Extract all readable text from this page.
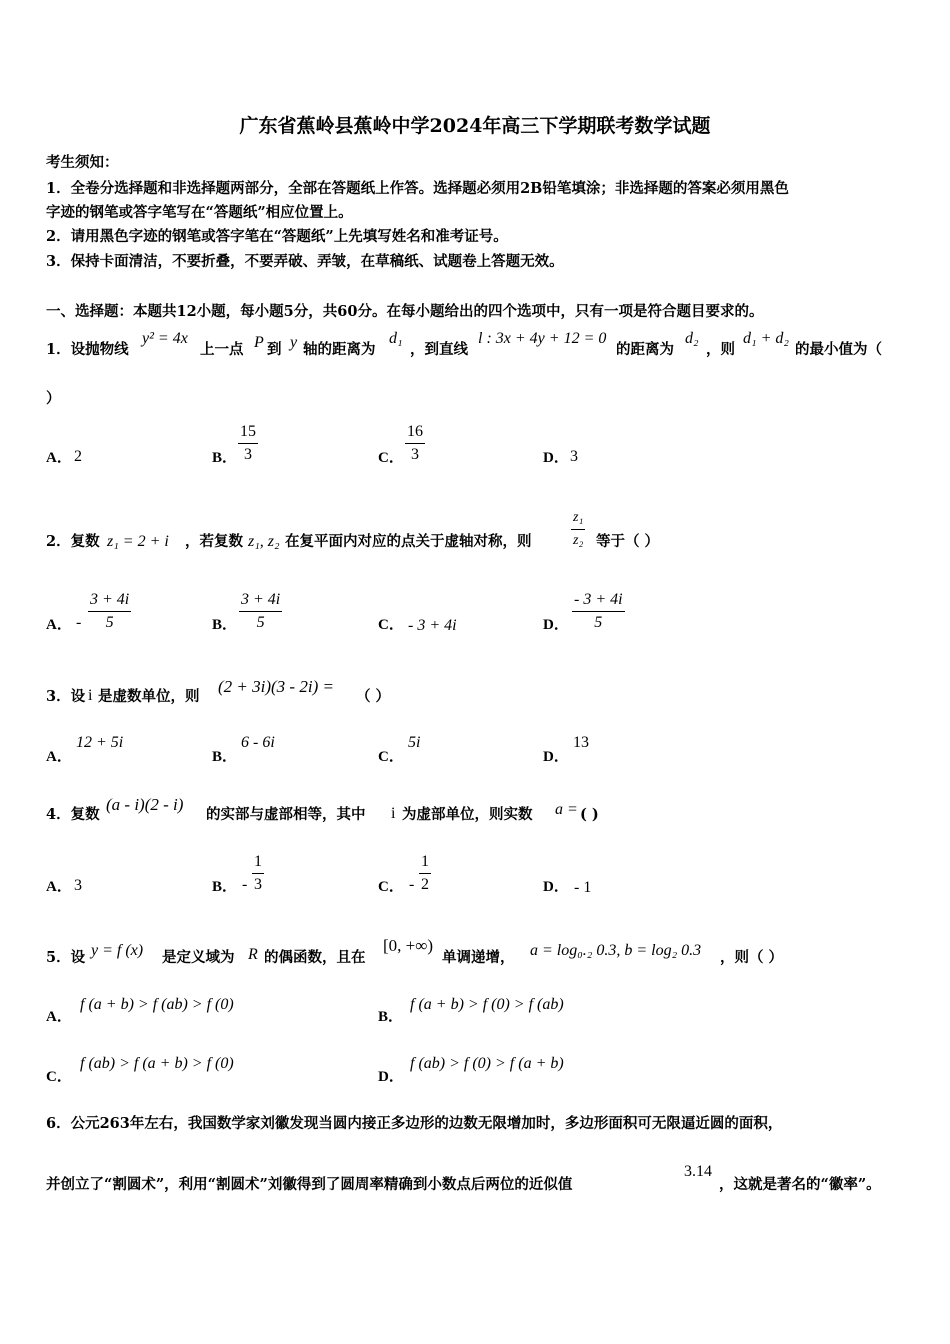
广东省蕉岭县蕉岭中学2024年高三下学期联考数学试题
考生须知：
1．全卷分选择题和非选择题两部分，全部在答题纸上作答。选择题必须用2B铅笔填涂；非选择题的答案必须用黑色
字迹的钢笔或答字笔写在“答题纸”相应位置上。
2．请用黑色字迹的钢笔或答字笔在“答题纸”上先填写姓名和准考证号。
3．保持卡面清洁，不要折叠，不要弄破、弄皱，在草稿纸、试题卷上答题无效。
一、选择题：本题共12小题，每小题5分，共60分。在每小题给出的四个选项中，只有一项是符合题目要求的。
1．设抛物线
y² = 4x
上一点 P 到 y 轴的距离为
d₁
，到直线
l : 3x + 4y + 12 = 0
的距离为
d₂
，则
d₁ + d₂
的最小值为（
）
A． 2	B．
15
3	C．
16
3	D． 3
2．复数 z₁ = 2 + i ，若复数 z₁, z₂ 在复平面内对应的点关于虚轴对称，则
z₁
z₂ 等于（ ）
A． -
3 + 4i
5	B．
3 + 4i
5	C． - 3 + 4i	D．
- 3 + 4i
5
3．设 i 是虚数单位，则
(2 + 3i)(3 - 2i) =
（ ）
A．
12 + 5i
B．
6 - 6i
C．
5i
D．
13
4．复数
(a - i)(2 - i)
的实部与虚部相等，其中 i 为虚部单位，则实数 a = ( )
A． 3	B． -
1
3	C． -
1
2	D． - 1
5．设 y = f (x) 是定义域为 R 的偶函数，且在
[0, +∞)
单调递增， a = log₀.₂ 0.3, b = log₂ 0.3 ，则（ ）
A．
f (a + b) > f (ab) > f (0)
B．
f (a + b) > f (0) > f (ab)
C．
f (ab) > f (a + b) > f (0)
D．
f (ab) > f (0) > f (a + b)
6．公元263年左右，我国数学家刘徽发现当圆内接正多边形的边数无限增加时，多边形面积可无限逼近圆的面积，
并创立了“割圆术”，利用“割圆术”刘徽得到了圆周率精确到小数点后两位的近似值
3.14
，这就是著名的“徽率”。
